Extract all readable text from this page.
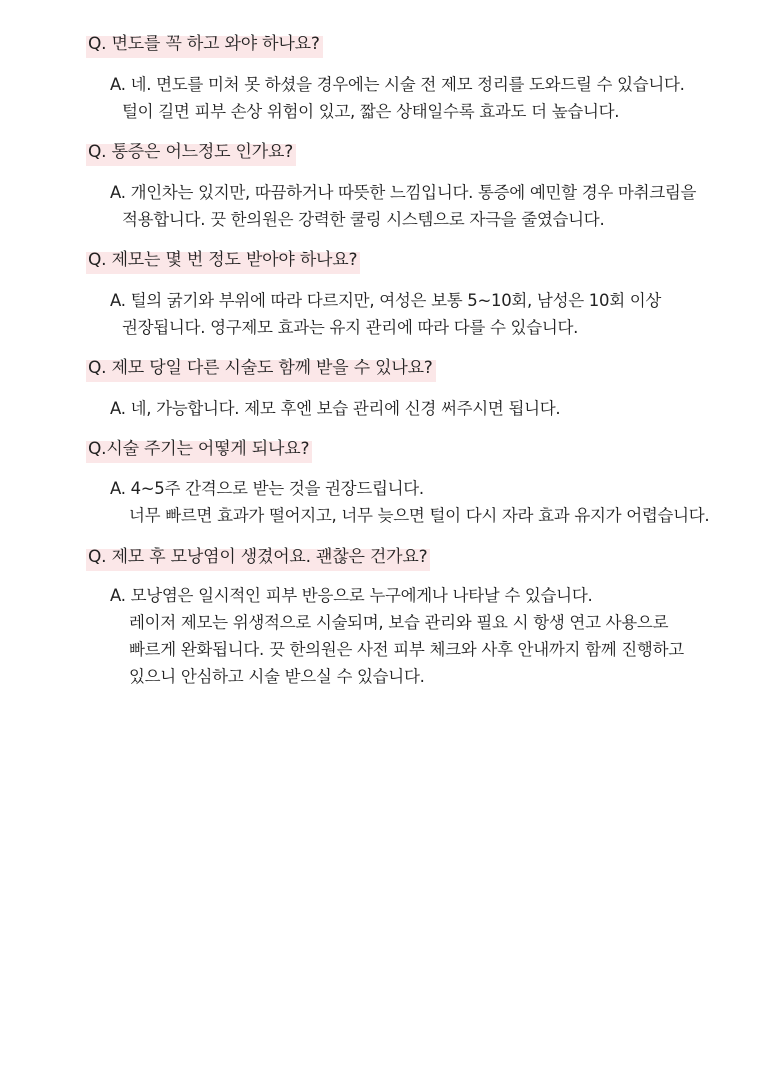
Q. 면도를 꼭 하고 와야 하나요?
A. 네. 면도를 미처 못 하셨을 경우에는 시술 전 제모 정리를 도와드릴 수 있습니다.
털이 길면 피부 손상 위험이 있고, 짧은 상태일수록 효과도 더 높습니다.
Q. 통증은 어느정도 인가요?
A. 개인차는 있지만, 따끔하거나 따뜻한 느낌입니다. 통증에 예민할 경우 마취크림을
적용합니다. 끗 한의원은 강력한 쿨링 시스템으로 자극을 줄였습니다.
Q. 제모는 몇 번 정도 받아야 하나요?
A. 털의 굵기와 부위에 따라 다르지만, 여성은 보통 5~10회, 남성은 10회 이상
권장됩니다. 영구제모 효과는 유지 관리에 따라 다를 수 있습니다.
Q. 제모 당일 다른 시술도 함께 받을 수 있나요?
A. 네, 가능합니다. 제모 후엔 보습 관리에 신경 써주시면 됩니다.
Q.시술 주기는 어떻게 되나요?
A. 4~5주 간격으로 받는 것을 권장드립니다.
너무 빠르면 효과가 떨어지고, 너무 늦으면 털이 다시 자라 효과 유지가 어렵습니다.
Q. 제모 후 모낭염이 생겼어요. 괜찮은 건가요?
A. 모낭염은 일시적인 피부 반응으로 누구에게나 나타날 수 있습니다.
레이저 제모는 위생적으로 시술되며, 보습 관리와 필요 시 항생 연고 사용으로
빠르게 완화됩니다. 끗 한의원은 사전 피부 체크와 사후 안내까지 함께 진행하고
있으니 안심하고 시술 받으실 수 있습니다.
